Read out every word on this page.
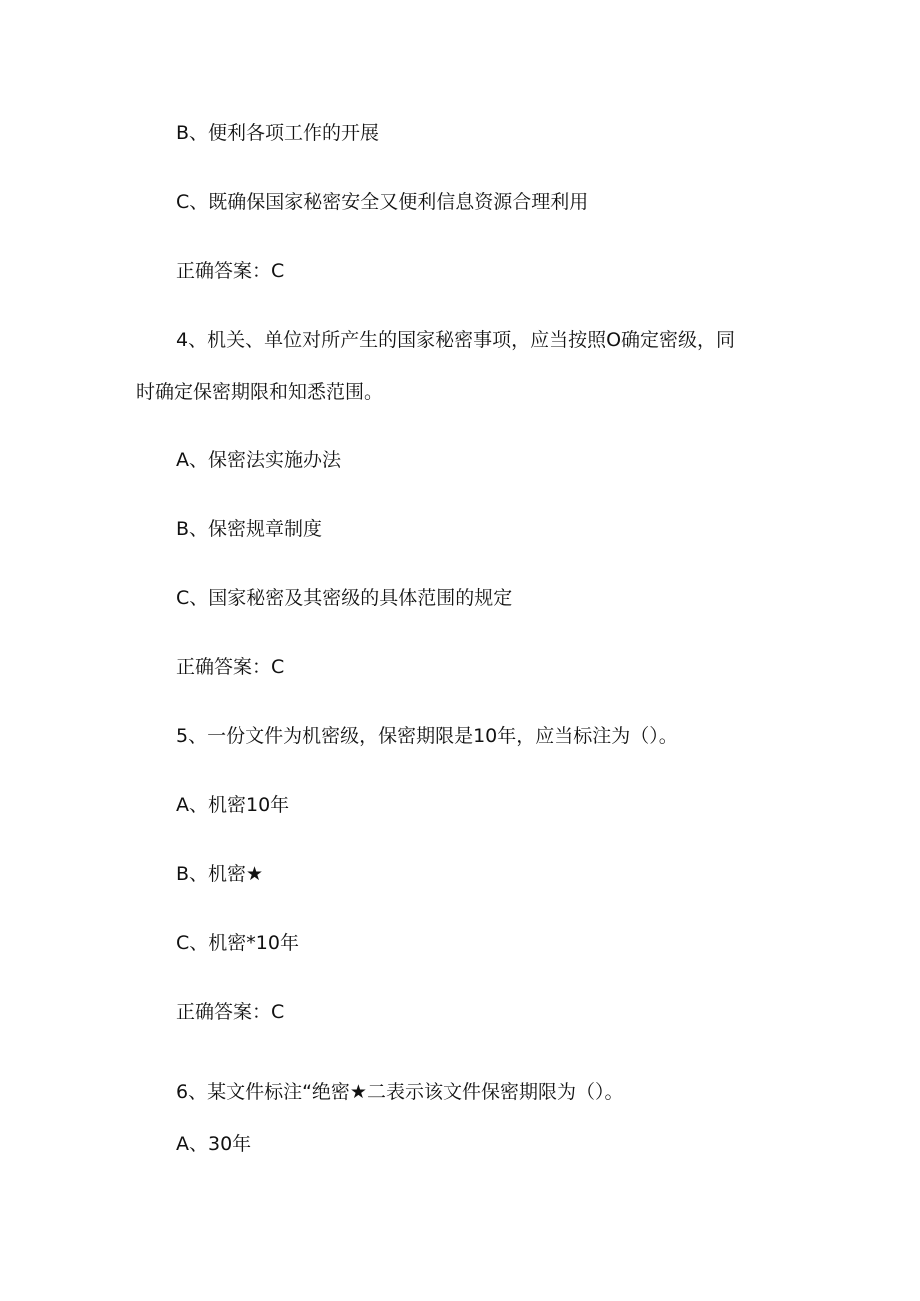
B、便利各项工作的开展
C、既确保国家秘密安全又便利信息资源合理利用
正确答案：C
4、机关、单位对所产生的国家秘密事项，应当按照O确定密级，同
时确定保密期限和知悉范围。
A、保密法实施办法
B、保密规章制度
C、国家秘密及其密级的具体范围的规定
正确答案：C
5、一份文件为机密级，保密期限是10年，应当标注为（）。
A、机密10年
B、机密★
C、机密*10年
正确答案：C
6、某文件标注“绝密★二表示该文件保密期限为（）。
A、30年
